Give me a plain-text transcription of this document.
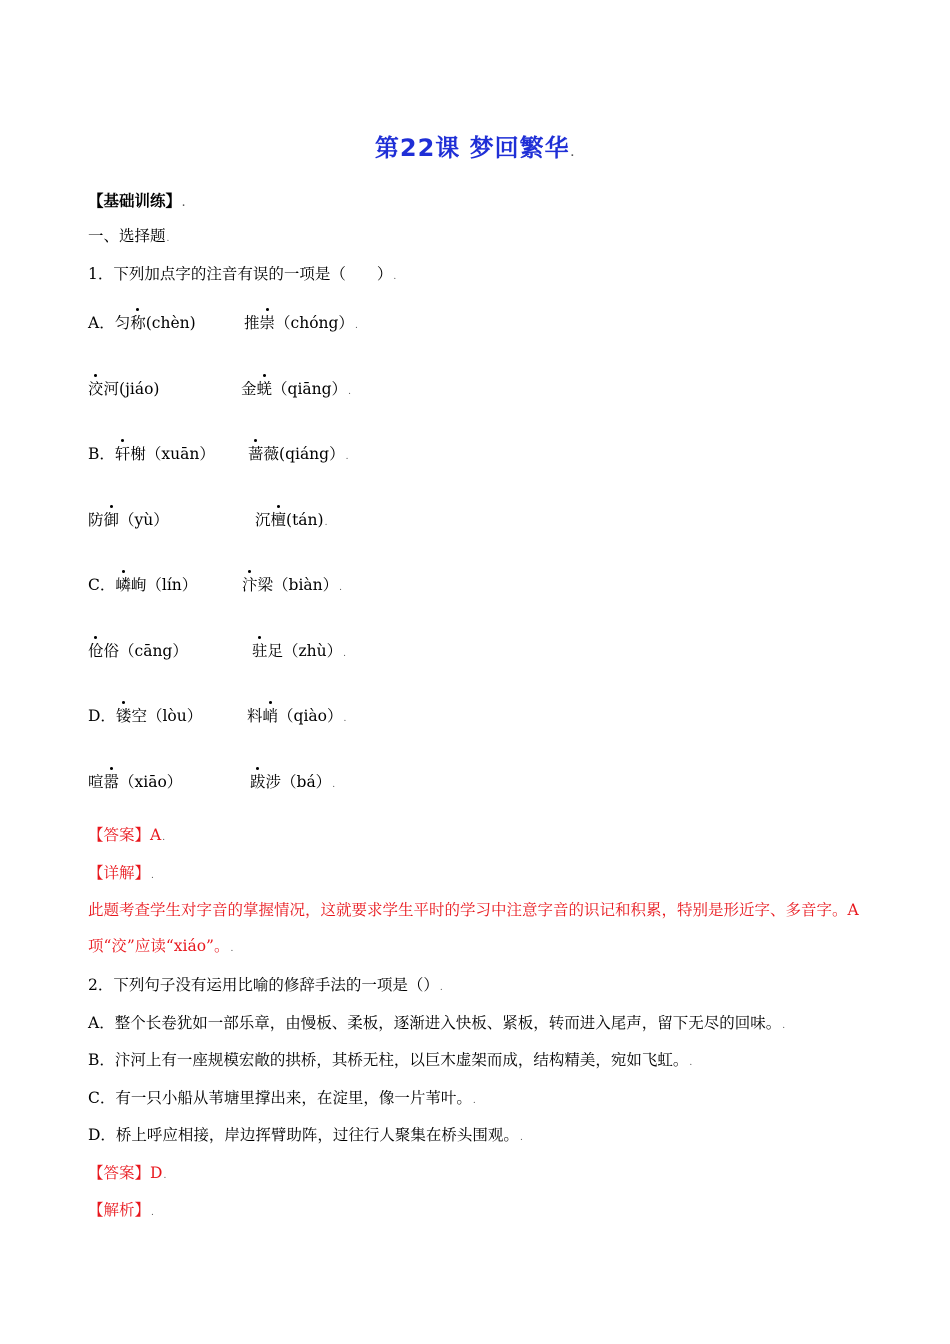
第22课 梦回繁华.
【基础训练】.
一、选择题.
1．下列加点字的注音有误的一项是（　　）.
A．匀称(chèn)	推崇（chóng）.
洨河(jiáo)	金蜣（qiāng）.
B．轩榭（xuān） 蔷薇(qiáng）.
防御（yù）	沉檀(tán).
C．嶙峋（lín）	汴梁（biàn）.
伧俗（cāng）	驻足（zhù）.
D．镂空（lòu）	料峭（qiào）.
喧嚣（xiāo）	跋涉（bá）.
【答案】A.
【详解】.
此题考查学生对字音的掌握情况，这就要求学生平时的学习中注意字音的识记和积累，特别是形近字、多音字。A项“洨”应读“xiáo”。.
2．下列句子没有运用比喻的修辞手法的一项是（）.
A．整个长卷犹如一部乐章，由慢板、柔板，逐渐进入快板、紧板，转而进入尾声，留下无尽的回味。.
B．汴河上有一座规模宏敞的拱桥，其桥无柱，以巨木虚架而成，结构精美，宛如飞虹。.
C．有一只小船从苇塘里撑出来，在淀里，像一片苇叶。.
D．桥上呼应相接，岸边挥臂助阵，过往行人聚集在桥头围观。.
【答案】D.
【解析】.
